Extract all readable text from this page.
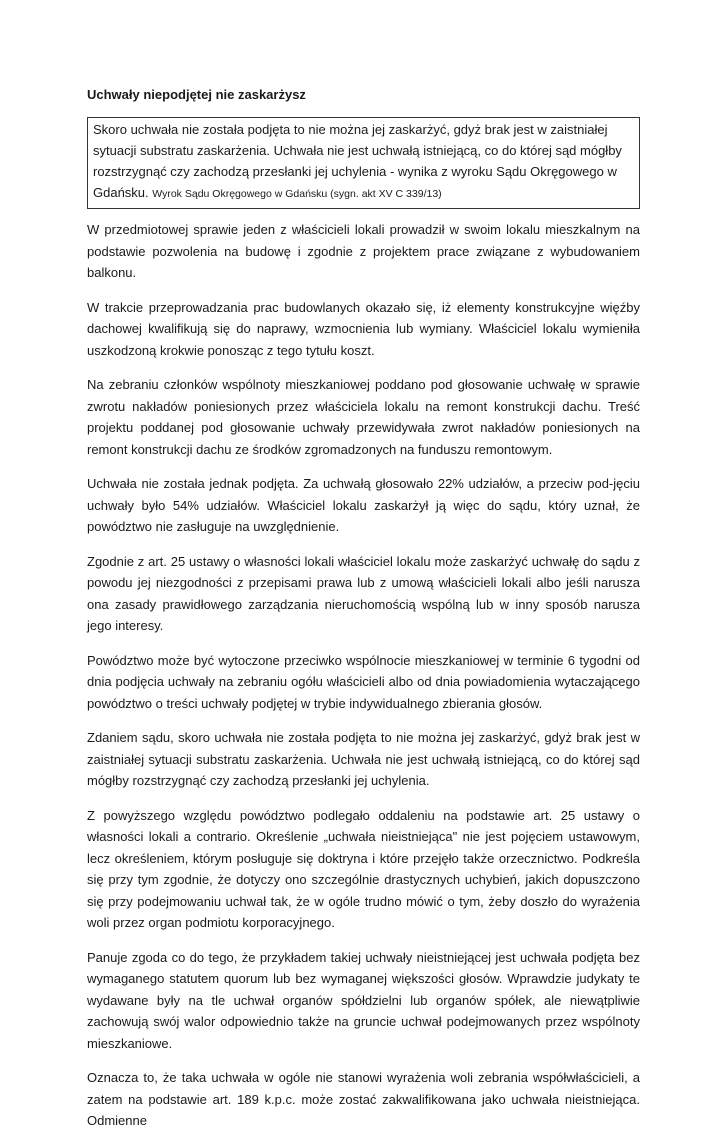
Uchwały niepodjętej nie zaskarżysz
Skoro uchwała nie została podjęta to nie można jej zaskarżyć, gdyż brak jest w zaistniałej sytuacji substratu zaskarżenia. Uchwała nie jest uchwałą istniejącą, co do której sąd mógłby rozstrzygnąć czy zachodzą przesłanki jej uchylenia - wynika z wyroku Sądu Okręgowego w Gdańsku. Wyrok Sądu Okręgowego w Gdańsku (sygn. akt XV C 339/13)

W przedmiotowej sprawie jeden z właścicieli lokali prowadził w swoim lokalu mieszkalnym na podstawie pozwolenia na budowę i zgodnie z projektem prace związane z wybudowaniem balkonu.

W trakcie przeprowadzania prac budowlanych okazało się, iż elementy konstrukcyjne więźby dachowej kwalifikują się do naprawy, wzmocnienia lub wymiany. Właściciel lokalu wymieniła uszkodzoną krokwie ponosząc z tego tytułu koszt.

Na zebraniu członków wspólnoty mieszkaniowej poddano pod głosowanie uchwałę w sprawie zwrotu nakładów poniesionych przez właściciela lokalu na remont konstrukcji dachu. Treść projektu poddanej pod głosowanie uchwały przewidywała zwrot nakładów poniesionych na remont konstrukcji dachu ze środków zgromadzonych na funduszu remontowym.

Uchwała nie została jednak podjęta. Za uchwałą głosowało 22% udziałów, a przeciw pod-jęciu uchwały było 54% udziałów. Właściciel lokalu zaskarżył ją więc do sądu, który uznał, że powództwo nie zasługuje na uwzględnienie.

Zgodnie z art. 25 ustawy o własności lokali właściciel lokalu może zaskarżyć uchwałę do sądu z powodu jej niezgodności z przepisami prawa lub z umową właścicieli lokali albo jeśli narusza ona zasady prawidłowego zarządzania nieruchomością wspólną lub w inny sposób narusza jego interesy.

Powództwo może być wytoczone przeciwko wspólnocie mieszkaniowej w terminie 6 tygodni od dnia podjęcia uchwały na zebraniu ogółu właścicieli albo od dnia powiadomienia wytaczającego powództwo o treści uchwały podjętej w trybie indywidualnego zbierania głosów.

Zdaniem sądu, skoro uchwała nie została podjęta to nie można jej zaskarżyć, gdyż brak jest w zaistniałej sytuacji substratu zaskarżenia. Uchwała nie jest uchwałą istniejącą, co do której sąd mógłby rozstrzygnąć czy zachodzą przesłanki jej uchylenia.

Z powyższego względu powództwo podlegało oddaleniu na podstawie art. 25 ustawy o własności lokali a contrario. Określenie „uchwała nieistniejąca" nie jest pojęciem ustawowym, lecz określeniem, którym posługuje się doktryna i które przejęło także orzecznictwo. Podkreśla się przy tym zgodnie, że dotyczy ono szczególnie drastycznych uchybień, jakich dopuszczono się przy podejmowaniu uchwał tak, że w ogóle trudno mówić o tym, żeby doszło do wyrażenia woli przez organ podmiotu korporacyjnego.

Panuje zgoda co do tego, że przykładem takiej uchwały nieistniejącej jest uchwała podjęta bez wymaganego statutem quorum lub bez wymaganej większości głosów. Wprawdzie judykaty te wydawane były na tle uchwał organów spółdzielni lub organów spółek, ale niewątpliwie zachowują swój walor odpowiednio także na gruncie uchwał podejmowanych przez wspólnoty mieszkaniowe.

Oznacza to, że taka uchwała w ogóle nie stanowi wyrażenia woli zebrania współwłaścicieli, a zatem na podstawie art. 189 k.p.c. może zostać zakwalifikowana jako uchwała nieistniejąca. Odmienne
